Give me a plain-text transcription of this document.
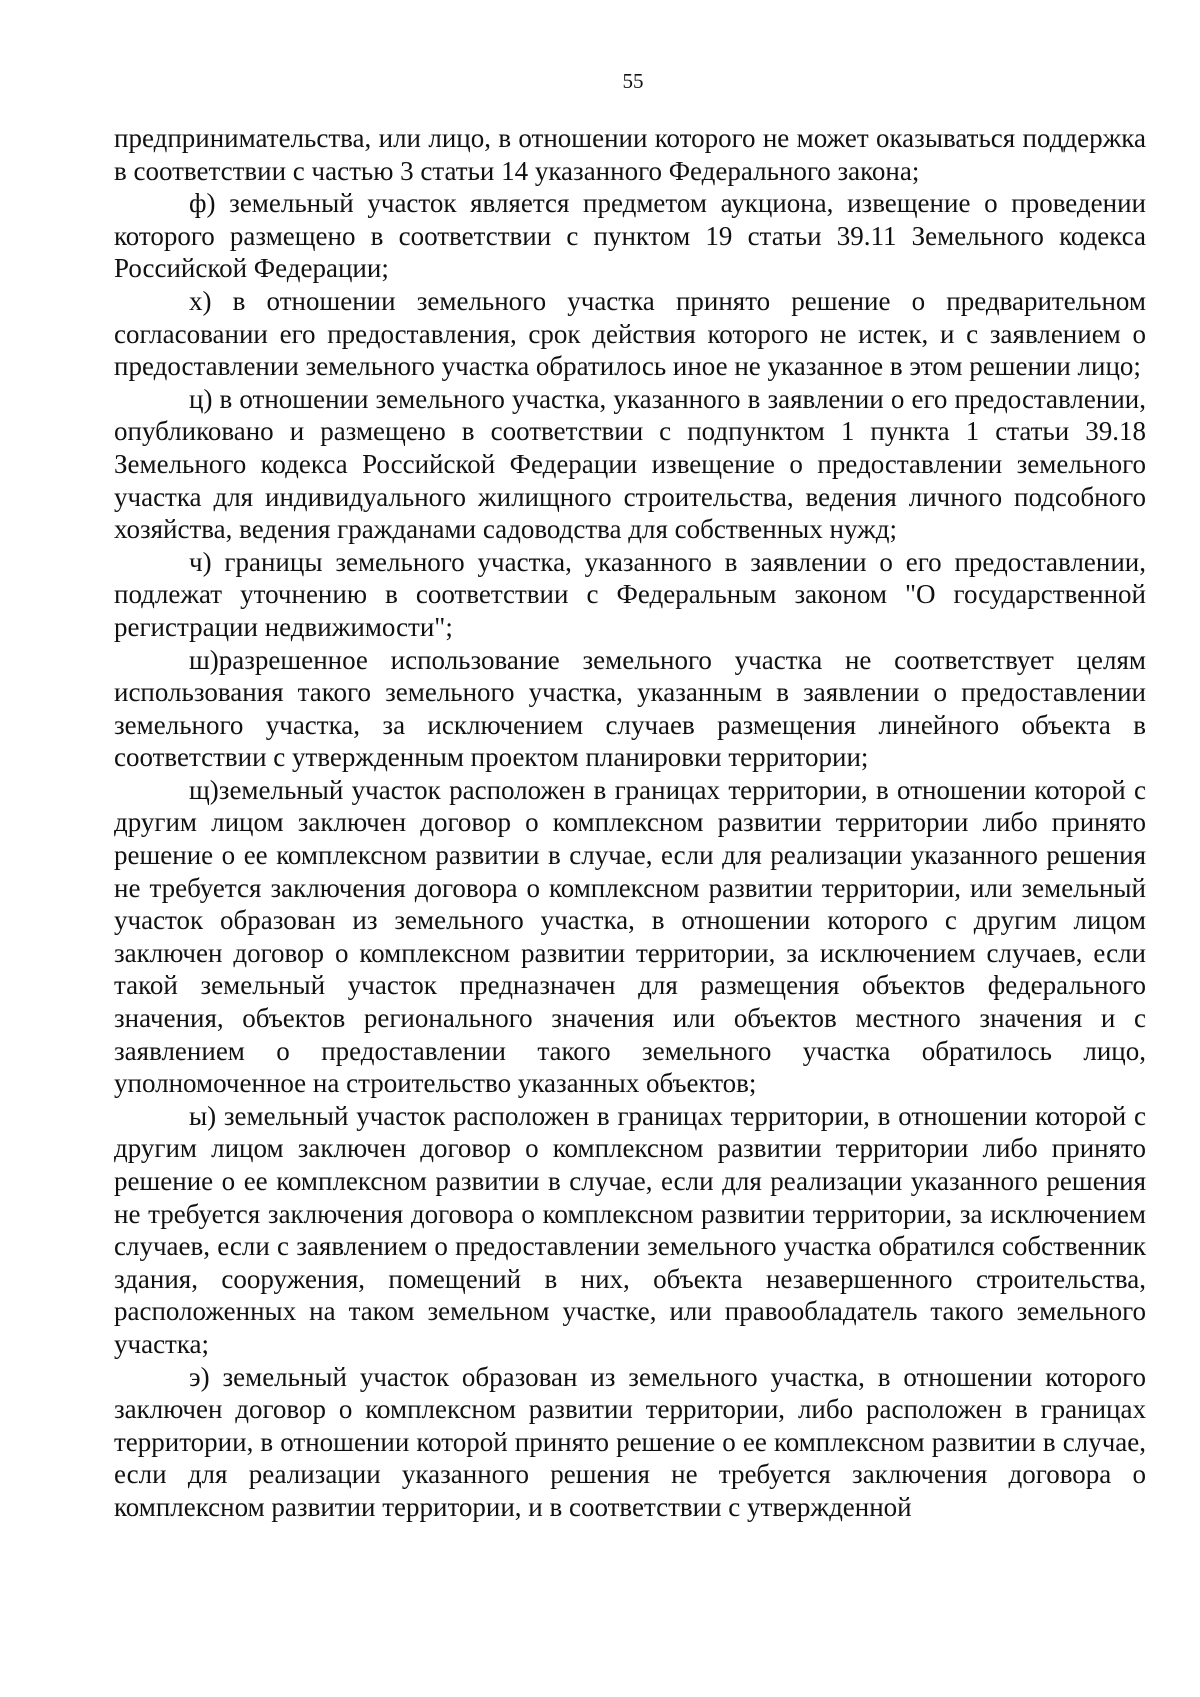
55

предпринимательства, или лицо, в отношении которого не может оказываться поддержка в соответствии с частью 3 статьи 14 указанного Федерального закона;

ф) земельный участок является предметом аукциона, извещение о проведении которого размещено в соответствии с пунктом 19 статьи 39.11 Земельного кодекса Российской Федерации;

х) в отношении земельного участка принято решение о предварительном согласовании его предоставления, срок действия которого не истек, и с заявлением о предоставлении земельного участка обратилось иное не указанное в этом решении лицо;

ц) в отношении земельного участка, указанного в заявлении о его предоставлении, опубликовано и размещено в соответствии с подпунктом 1 пункта 1 статьи 39.18 Земельного кодекса Российской Федерации извещение о предоставлении земельного участка для индивидуального жилищного строительства, ведения личного подсобного хозяйства, ведения гражданами садоводства для собственных нужд;

ч) границы земельного участка, указанного в заявлении о его предоставлении, подлежат уточнению в соответствии с Федеральным законом "О государственной регистрации недвижимости";

ш)разрешенное использование земельного участка не соответствует целям использования такого земельного участка, указанным в заявлении о предоставлении земельного участка, за исключением случаев размещения линейного объекта в соответствии с утвержденным проектом планировки территории;

щ)земельный участок расположен в границах территории, в отношении которой с другим лицом заключен договор о комплексном развитии территории либо принято решение о ее комплексном развитии в случае, если для реализации указанного решения не требуется заключения договора о комплексном развитии территории, или земельный участок образован из земельного участка, в отношении которого с другим лицом заключен договор о комплексном развитии территории, за исключением случаев, если такой земельный участок предназначен для размещения объектов федерального значения, объектов регионального значения или объектов местного значения и с заявлением о предоставлении такого земельного участка обратилось лицо, уполномоченное на строительство указанных объектов;

ы) земельный участок расположен в границах территории, в отношении которой с другим лицом заключен договор о комплексном развитии территории либо принято решение о ее комплексном развитии в случае, если для реализации указанного решения не требуется заключения договора о комплексном развитии территории, за исключением случаев, если с заявлением о предоставлении земельного участка обратился собственник здания, сооружения, помещений в них, объекта незавершенного строительства, расположенных на таком земельном участке, или правообладатель такого земельного участка;

э) земельный участок образован из земельного участка, в отношении которого заключен договор о комплексном развитии территории, либо расположен в границах территории, в отношении которой принято решение о ее комплексном развитии в случае, если для реализации указанного решения не требуется заключения договора о комплексном развитии территории, и в соответствии с утвержденной
